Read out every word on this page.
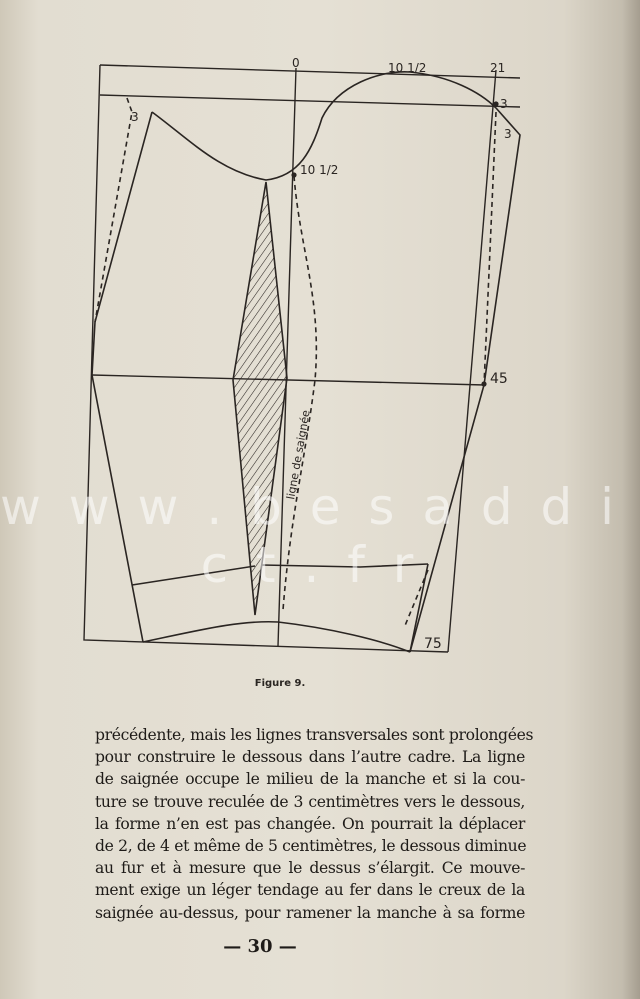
0	10 1/2	21
3
3
3
10 1/2
45
75
ligne de saignée
w w w . b e s a d d i c t . f r
Figure 9.
précédente, mais les lignes transversales sont prolongées
pour construire le dessous dans l’autre cadre. La ligne
de saignée occupe le milieu de la manche et si la cou-
ture se trouve reculée de 3 centimètres vers le dessous,
la forme n’en est pas changée. On pourrait la déplacer
de 2, de 4 et même de 5 centimètres, le dessous diminue
au fur et à mesure que le dessus s’élargit. Ce mouve-
ment exige un léger tendage au fer dans le creux de la
saignée au-dessus, pour ramener la manche à sa forme
— 30 —
